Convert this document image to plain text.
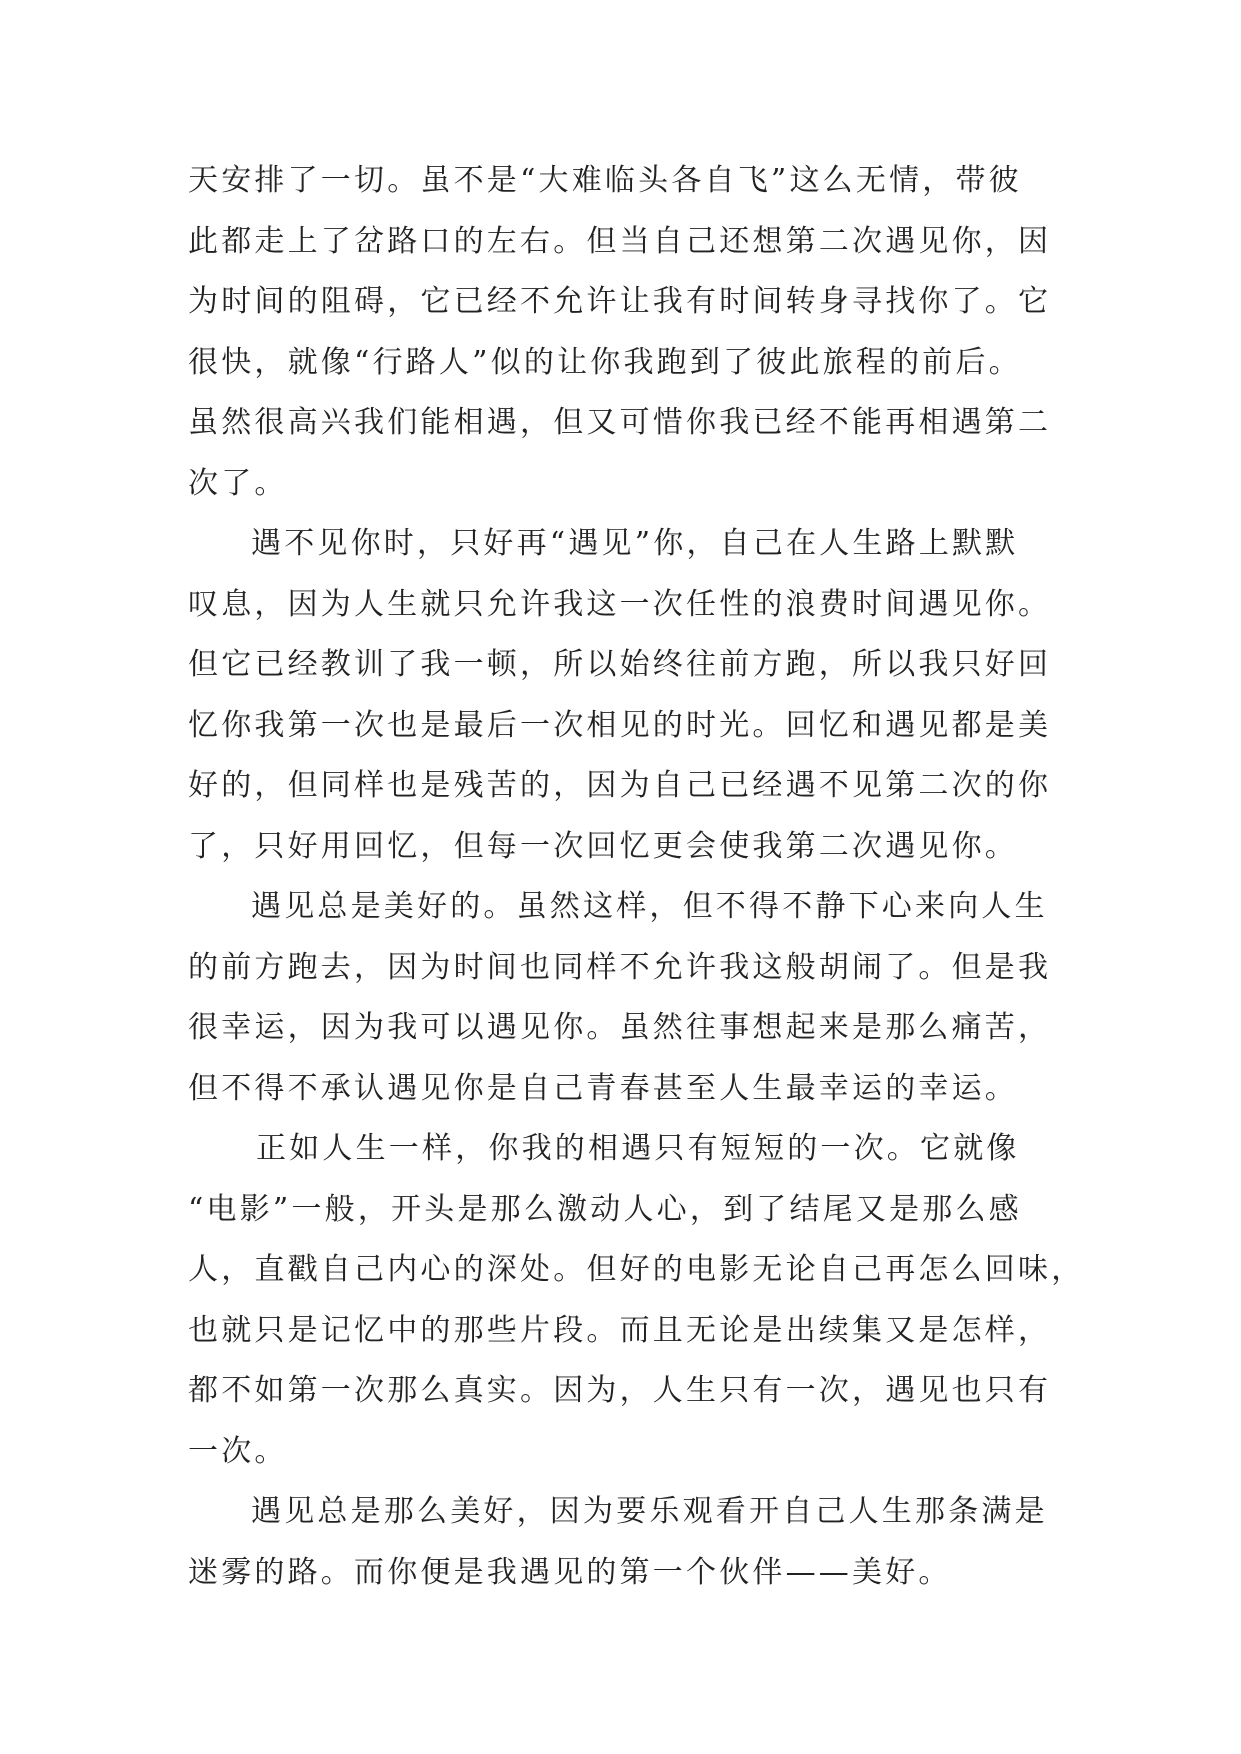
天安排了一切。虽不是“大难临头各自飞”这么无情，带彼
此都走上了岔路口的左右。但当自己还想第二次遇见你，因
为时间的阻碍，它已经不允许让我有时间转身寻找你了。它
很快，就像“行路人”似的让你我跑到了彼此旅程的前后。
虽然很高兴我们能相遇，但又可惜你我已经不能再相遇第二
次了。
遇不见你时，只好再“遇见”你，自己在人生路上默默
叹息，因为人生就只允许我这一次任性的浪费时间遇见你。
但它已经教训了我一顿，所以始终往前方跑，所以我只好回
忆你我第一次也是最后一次相见的时光。回忆和遇见都是美
好的，但同样也是残苦的，因为自己已经遇不见第二次的你
了，只好用回忆，但每一次回忆更会使我第二次遇见你。
遇见总是美好的。虽然这样，但不得不静下心来向人生
的前方跑去，因为时间也同样不允许我这般胡闹了。但是我
很幸运，因为我可以遇见你。虽然往事想起来是那么痛苦，
但不得不承认遇见你是自己青春甚至人生最幸运的幸运。
正如人生一样，你我的相遇只有短短的一次。它就像
“电影”一般，开头是那么激动人心，到了结尾又是那么感
人，直戳自己内心的深处。但好的电影无论自己再怎么回味，
也就只是记忆中的那些片段。而且无论是出续集又是怎样，
都不如第一次那么真实。因为，人生只有一次，遇见也只有
一次。
遇见总是那么美好，因为要乐观看开自己人生那条满是
迷雾的路。而你便是我遇见的第一个伙伴——美好。
